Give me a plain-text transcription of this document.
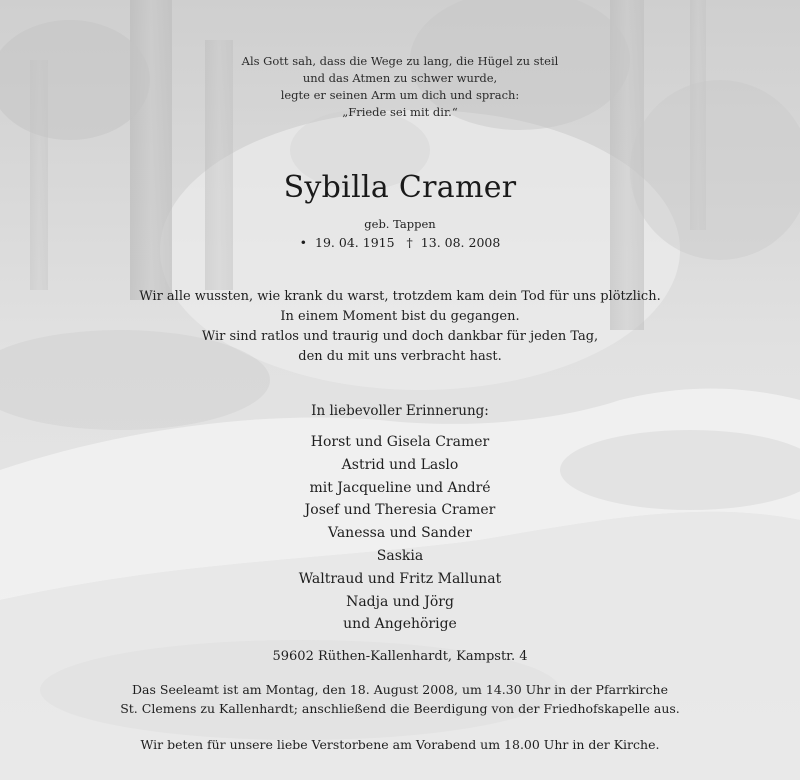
Als Gott sah, dass die Wege zu lang, die Hügel zu steil
und das Atmen zu schwer wurde,
legte er seinen Arm um dich und sprach:
„Friede sei mit dir.“
Sybilla Cramer
geb. Tappen
• 19. 04. 1915 † 13. 08. 2008
Wir alle wussten, wie krank du warst, trotzdem kam dein Tod für uns plötzlich.
In einem Moment bist du gegangen.
Wir sind ratlos und traurig und doch dankbar für jeden Tag,
den du mit uns verbracht hast.
In liebevoller Erinnerung:
Horst und Gisela Cramer
Astrid und Laslo
mit Jacqueline und André
Josef und Theresia Cramer
Vanessa und Sander
Saskia
Waltraud und Fritz Mallunat
Nadja und Jörg
und Angehörige
59602 Rüthen-Kallenhardt, Kampstr. 4
Das Seeleamt ist am Montag, den 18. August 2008, um 14.30 Uhr in der Pfarrkirche
St. Clemens zu Kallenhardt; anschließend die Beerdigung von der Friedhofskapelle aus.
Wir beten für unsere liebe Verstorbene am Vorabend um 18.00 Uhr in der Kirche.
